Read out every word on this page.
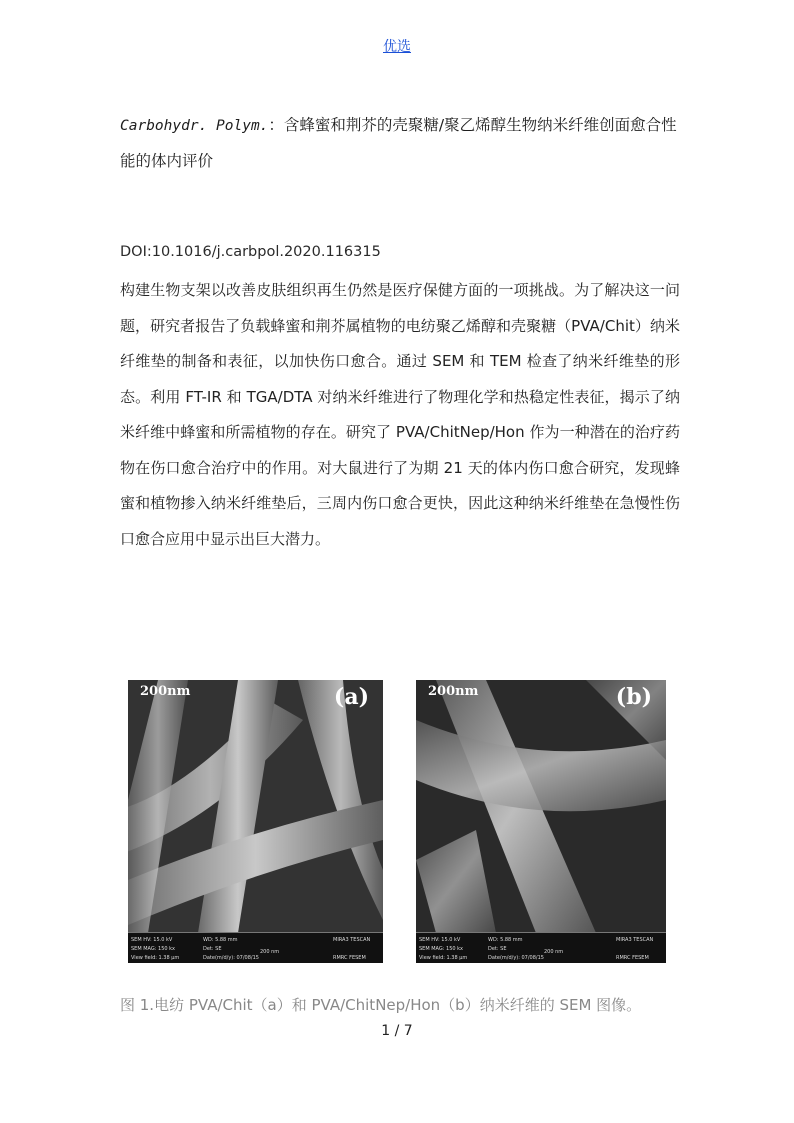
优选
Carbohydr. Polym.：含蜂蜜和荆芥的壳聚糖/聚乙烯醇生物纳米纤维创面愈合性能的体内评价
DOI:10.1016/j.carbpol.2020.116315
构建生物支架以改善皮肤组织再生仍然是医疗保健方面的一项挑战。为了解决这一问题，研究者报告了负载蜂蜜和荆芥属植物的电纺聚乙烯醇和壳聚糖（PVA/Chit）纳米纤维垫的制备和表征，以加快伤口愈合。通过 SEM 和 TEM 检查了纳米纤维垫的形态。利用 FT-IR 和 TGA/DTA 对纳米纤维进行了物理化学和热稳定性表征，揭示了纳米纤维中蜂蜜和所需植物的存在。研究了 PVA/ChitNep/Hon 作为一种潜在的治疗药物在伤口愈合治疗中的作用。对大鼠进行了为期 21 天的体内伤口愈合研究，发现蜂蜜和植物掺入纳米纤维垫后，三周内伤口愈合更快，因此这种纳米纤维垫在急慢性伤口愈合应用中显示出巨大潜力。
200nm	(a)
SEM HV: 15.0 kV
SEM MAG: 150 kx
View field: 1.38 μm
WD: 5.88 mm
Det: SE
Date(m/d/y): 07/08/15
200 nm
MIRA3 TESCAN
RMRC FESEM
200nm	(b)
SEM HV: 15.0 kV
SEM MAG: 150 kx
View field: 1.38 μm
WD: 5.88 mm
Det: SE
Date(m/d/y): 07/08/15
200 nm
MIRA3 TESCAN
RMRC FESEM
图 1.电纺 PVA/Chit（a）和 PVA/ChitNep/Hon（b）纳米纤维的 SEM 图像。
1 / 7
